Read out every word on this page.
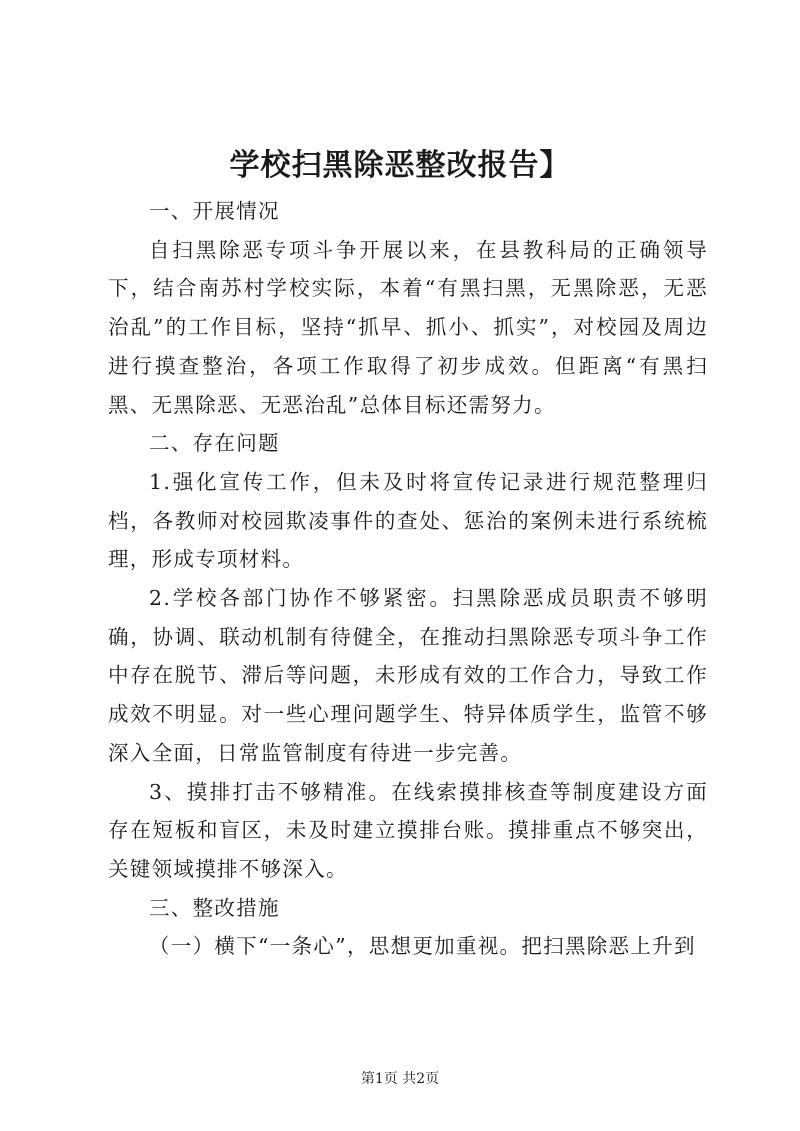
学校扫黑除恶整改报告】

一、开展情况

自扫黑除恶专项斗争开展以来，在县教科局的正确领导下，结合南苏村学校实际，本着“有黑扫黑，无黑除恶，无恶治乱”的工作目标，坚持“抓早、抓小、抓实”，对校园及周边进行摸查整治，各项工作取得了初步成效。但距离“有黑扫黑、无黑除恶、无恶治乱”总体目标还需努力。

二、存在问题

1.强化宣传工作，但未及时将宣传记录进行规范整理归档，各教师对校园欺凌事件的查处、惩治的案例未进行系统梳理，形成专项材料。

2.学校各部门协作不够紧密。扫黑除恶成员职责不够明确，协调、联动机制有待健全，在推动扫黑除恶专项斗争工作中存在脱节、滞后等问题，未形成有效的工作合力，导致工作成效不明显。对一些心理问题学生、特异体质学生，监管不够深入全面，日常监管制度有待进一步完善。

3、摸排打击不够精准。在线索摸排核查等制度建设方面存在短板和盲区，未及时建立摸排台账。摸排重点不够突出，关键领域摸排不够深入。

三、整改措施

（一）横下“一条心”，思想更加重视。把扫黑除恶上升到

第1页 共2页
